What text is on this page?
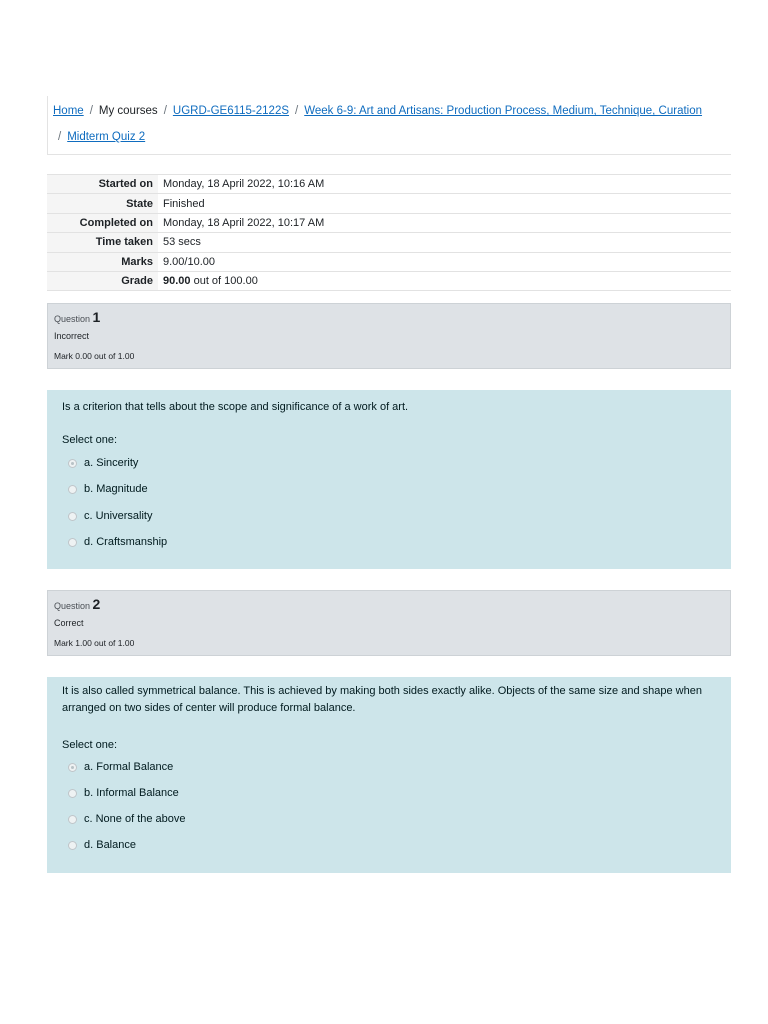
Home / My courses / UGRD-GE6115-2122S / Week 6-9: Art and Artisans: Production Process, Medium, Technique, Curation
/ Midterm Quiz 2
Started on	Monday, 18 April 2022, 10:16 AM
State	Finished
Completed on	Monday, 18 April 2022, 10:17 AM
Time taken	53 secs
Marks	9.00/10.00
Grade	90.00 out of 100.00
Question 1
Incorrect
Mark 0.00 out of 1.00
Is a criterion that tells about the scope and significance of a work of art.
Select one:
a. Sincerity
b. Magnitude
c. Universality
d. Craftsmanship
Question 2
Correct
Mark 1.00 out of 1.00
It is also called symmetrical balance. This is achieved by making both sides exactly alike. Objects of the same size and shape when arranged on two sides of center will produce formal balance.
Select one:
a. Formal Balance
b. Informal Balance
c. None of the above
d. Balance
